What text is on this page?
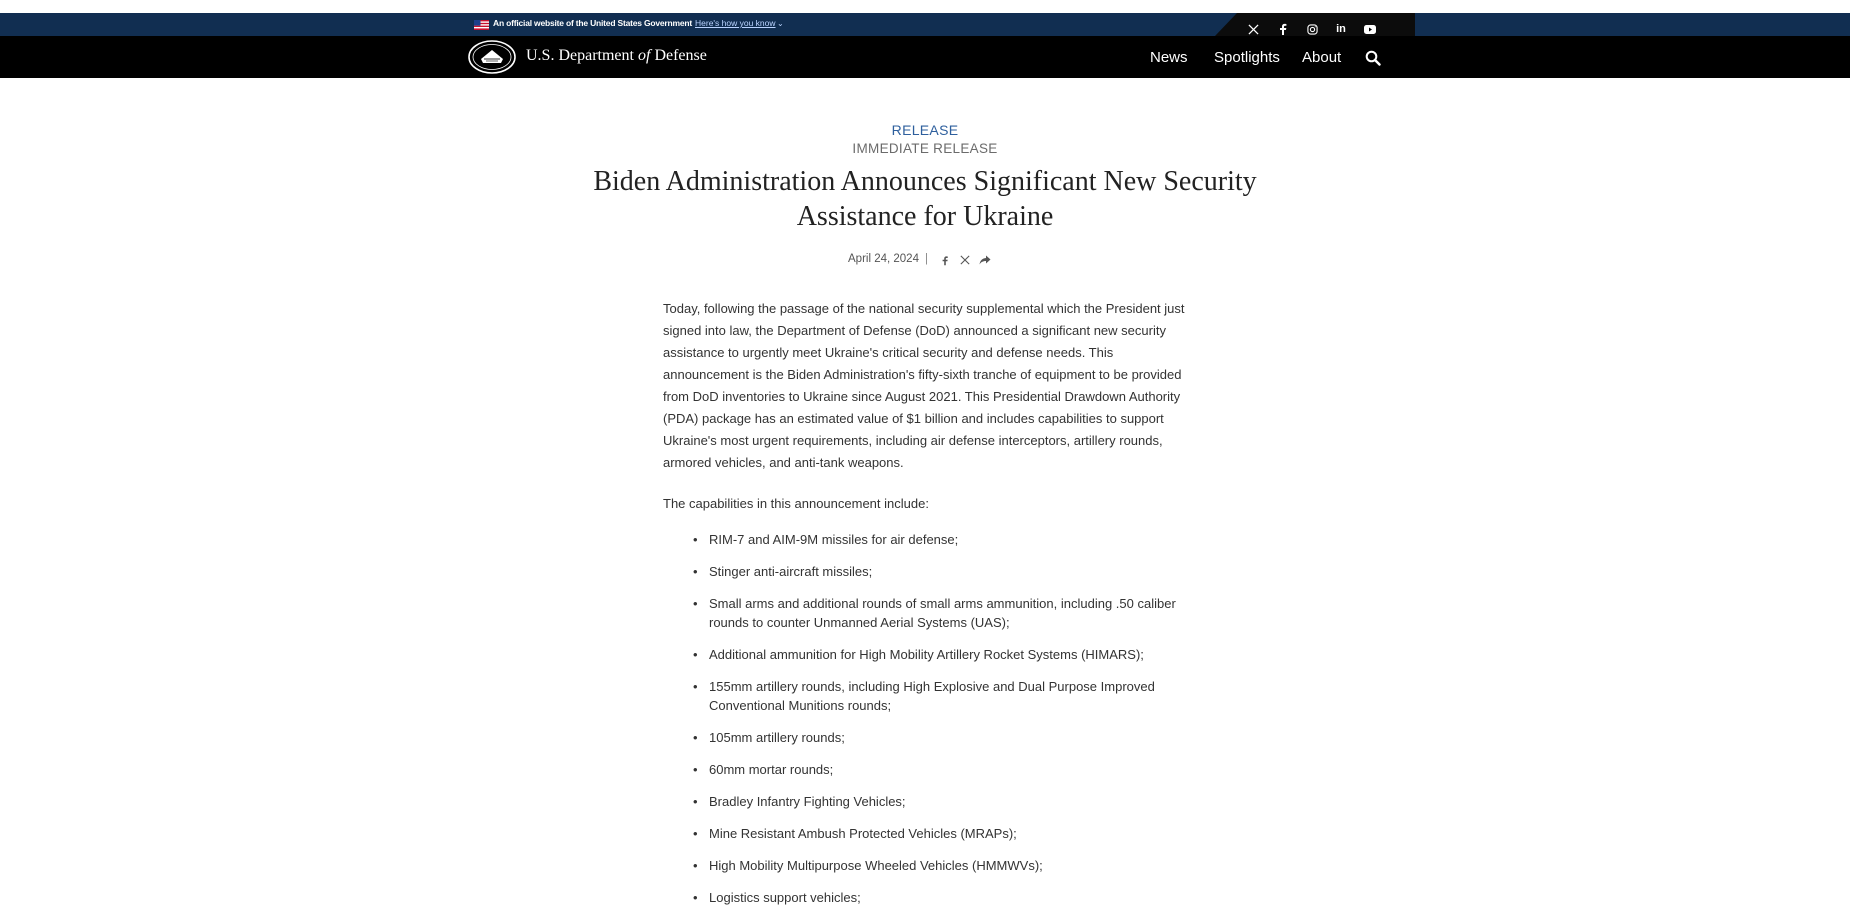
An official website of the United States Government Here's how you know ⌄	in
U.S. Department of Defense	News Spotlights About
RELEASE
IMMEDIATE RELEASE
Biden Administration Announces Significant New Security Assistance for Ukraine
April 24, 2024 |

Today, following the passage of the national security supplemental which the President just signed into law, the Department of Defense (DoD) announced a significant new security assistance to urgently meet Ukraine's critical security and defense needs. This announcement is the Biden Administration's fifty-sixth tranche of equipment to be provided from DoD inventories to Ukraine since August 2021. This Presidential Drawdown Authority (PDA) package has an estimated value of $1 billion and includes capabilities to support Ukraine's most urgent requirements, including air defense interceptors, artillery rounds, armored vehicles, and anti-tank weapons.

The capabilities in this announcement include:
• RIM-7 and AIM-9M missiles for air defense;
• Stinger anti-aircraft missiles;
• Small arms and additional rounds of small arms ammunition, including .50 caliber rounds to counter Unmanned Aerial Systems (UAS);
• Additional ammunition for High Mobility Artillery Rocket Systems (HIMARS);
• 155mm artillery rounds, including High Explosive and Dual Purpose Improved Conventional Munitions rounds;
• 105mm artillery rounds;
• 60mm mortar rounds;
• Bradley Infantry Fighting Vehicles;
• Mine Resistant Ambush Protected Vehicles (MRAPs);
• High Mobility Multipurpose Wheeled Vehicles (HMMWVs);
• Logistics support vehicles;
